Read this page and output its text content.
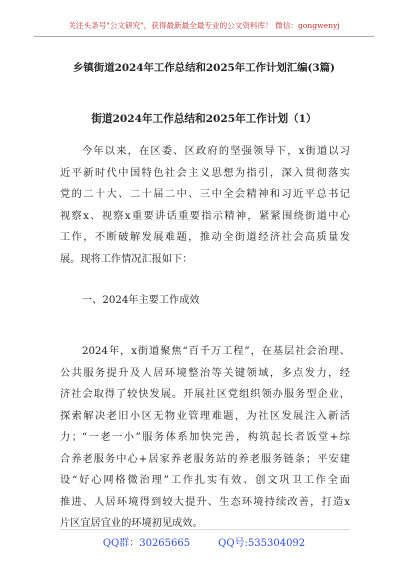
关注头条号"公文研究"，获得最新最全最专业的公文资料库！ 微信：gongwenyj
乡镇街道2024年工作总结和2025年工作计划汇编(3篇)
街道2024年工作总结和2025年工作计划（1）
今年以来，在区委、区政府的坚强领导下，x街道以习
近平新时代中国特色社会主义思想为指引，深入贯彻落实
党的二十大、二十届二中、三中全会精神和习近平总书记
视察x、视察x重要讲话重要指示精神，紧紧围绕街道中心
工作，不断破解发展难题，推动全街道经济社会高质量发
展。现将工作情况汇报如下：
一、2024年主要工作成效
2024年，x街道聚焦“百千万工程”，在基层社会治理、
公共服务提升及人居环境整治等关键领域，多点发力，经
济社会取得了较快发展。开展社区党组织领办服务型企业，
探索解决老旧小区无物业管理难题，为社区发展注入新活
力；“一老一小”服务体系加快完善，构筑起长者饭堂+综
合养老服务中心+居家养老服务站的养老服务链条；平安建
设“好心网格微治理”工作扎实有效、创文巩卫工作全面
推进、人居环境得到较大提升、生态环境持续改善，打造x
片区宜居宜业的环境初见成效。
QQ群：30265665	QQ号:535304092
